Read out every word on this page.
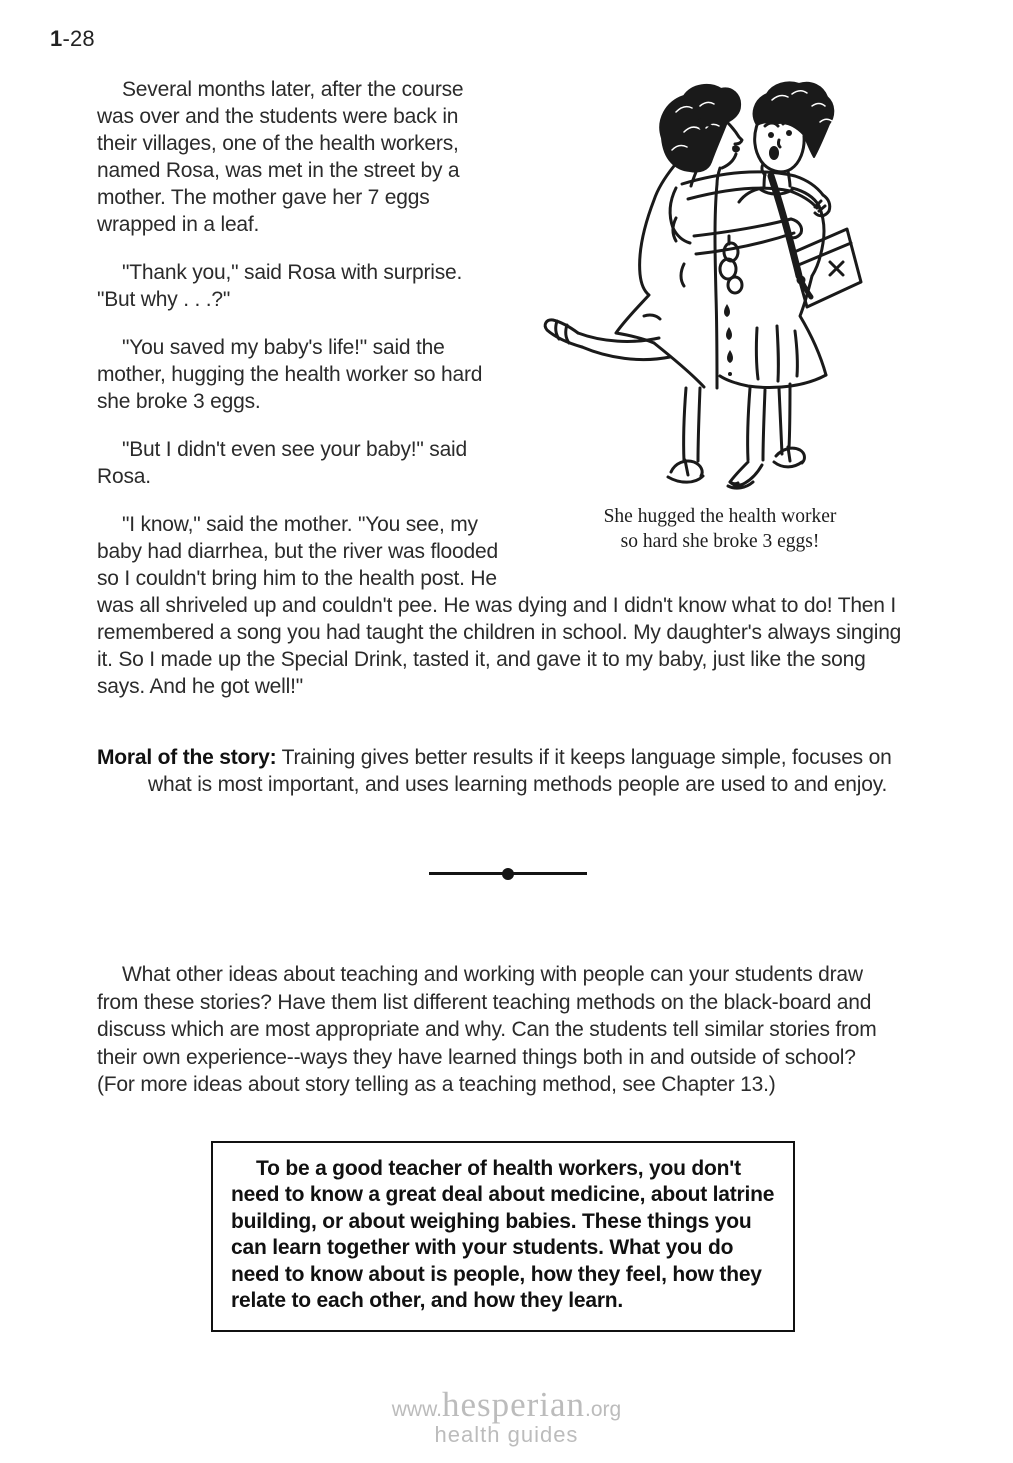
1-28
She hugged the health worker
so hard she broke 3 eggs!

Several months later, after the course was over and the students were back in their villages, one of the health workers, named Rosa, was met in the street by a mother. The mother gave her 7 eggs wrapped in a leaf.

"Thank you," said Rosa with surprise. "But why . . .?"

"You saved my baby's life!" said the mother, hugging the health worker so hard she broke 3 eggs.

"But I didn't even see your baby!" said Rosa.

"I know," said the mother. "You see, my baby had diarrhea, but the river was flooded so I couldn't bring him to the health post. He was all shriveled up and couldn't pee. He was dying and I didn't know what to do! Then I remembered a song you had taught the children in school. My daughter's always singing it. So I made up the Special Drink, tasted it, and gave it to my baby, just like the song says. And he got well!"

Moral of the story: Training gives better results if it keeps language simple, focuses on what is most important, and uses learning methods people are used to and enjoy.

What other ideas about teaching and working with people can your students draw from these stories? Have them list different teaching methods on the black-board and discuss which are most appropriate and why. Can the students tell similar stories from their own experience--ways they have learned things both in and outside of school? (For more ideas about story telling as a teaching method, see Chapter 13.)

To be a good teacher of health workers, you don't need to know a great deal about medicine, about latrine building, or about weighing babies. These things you can learn together with your students. What you do need to know about is people, how they feel, how they relate to each other, and how they learn.
www.hesperian.org
health guides
